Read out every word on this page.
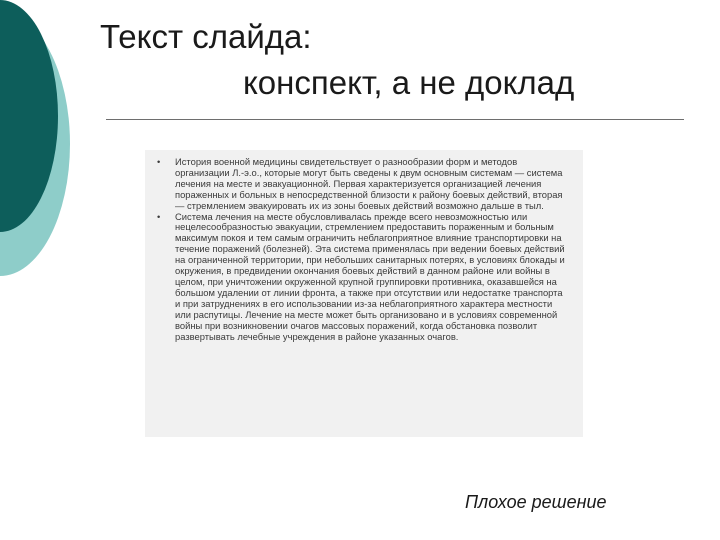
Текст слайда:
конспект, а не доклад
• История военной медицины свидетельствует о разнообразии форм и методов организации Л.-э.о., которые могут быть сведены к двум основным системам — система лечения на месте и эвакуационной. Первая характеризуется организацией лечения пораженных и больных в непосредственной близости к району боевых действий, вторая — стремлением эвакуировать их из зоны боевых действий возможно дальше в тыл.
• Система лечения на месте обусловливалась прежде всего невозможностью или нецелесообразностью эвакуации, стремлением предоставить пораженным и больным максимум покоя и тем самым ограничить неблагоприятное влияние транспортировки на течение поражений (болезней). Эта система применялась при ведении боевых действий на ограниченной территории, при небольших санитарных потерях, в условиях блокады и окружения, в предвидении окончания боевых действий в данном районе или войны в целом, при уничтожении окруженной крупной группировки противника, оказавшейся на большом удалении от линии фронта, а также при отсутствии или недостатке транспорта и при затруднениях в его использовании из-за неблагоприятного характера местности или распутицы. Лечение на месте может быть организовано и в условиях современной войны при возникновении очагов массовых поражений, когда обстановка позволит развертывать лечебные учреждения в районе указанных очагов.
Плохое решение
